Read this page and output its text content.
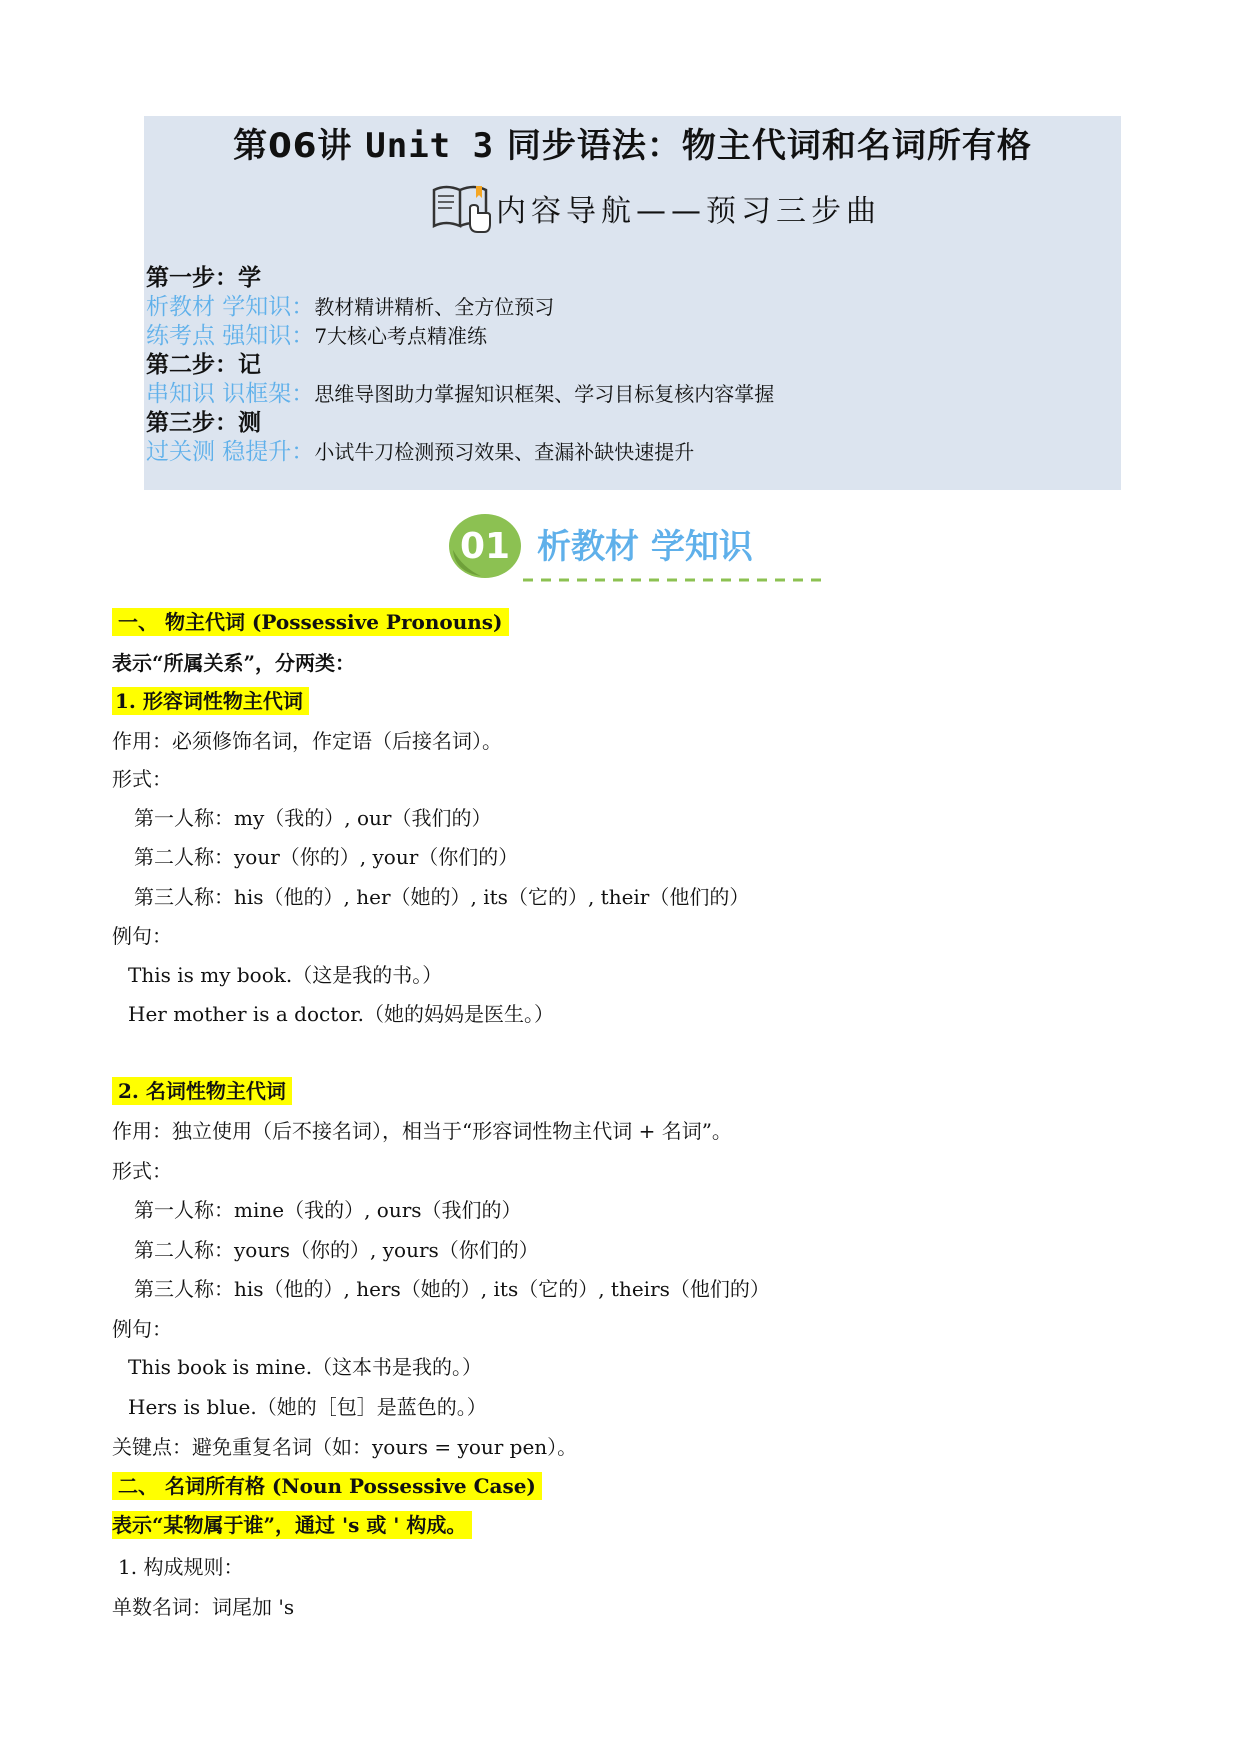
第06讲 Unit 3 同步语法：物主代词和名词所有格
内容导航——预习三步曲
第一步：学
析教材 学知识：教材精讲精析、全方位预习
练考点 强知识：7大核心考点精准练
第二步：记
串知识 识框架：思维导图助力掌握知识框架、学习目标复核内容掌握
第三步：测
过关测 稳提升：小试牛刀检测预习效果、查漏补缺快速提升
01 析教材 学知识
一、 物主代词 (Possessive Pronouns)
表示“所属关系”，分两类：
1. 形容词性物主代词
作用：必须修饰名词，作定语（后接名词）。
形式：
第一人称：my（我的）, our（我们的）
第二人称：your（你的）, your（你们的）
第三人称：his（他的）, her（她的）, its（它的）, their（他们的）
例句：
This is my book.（这是我的书。）
Her mother is a doctor.（她的妈妈是医生。）
2. 名词性物主代词
作用：独立使用（后不接名词），相当于“形容词性物主代词 + 名词”。
形式：
第一人称：mine（我的）, ours（我们的）
第二人称：yours（你的）, yours（你们的）
第三人称：his（他的）, hers（她的）, its（它的）, theirs（他们的）
例句：
This book is mine.（这本书是我的。）
Hers is blue.（她的［包］是蓝色的。）
关键点：避免重复名词（如：yours = your pen）。
二、 名词所有格 (Noun Possessive Case)
表示“某物属于谁”，通过 's 或 ' 构成。
1. 构成规则：
单数名词：词尾加 's
